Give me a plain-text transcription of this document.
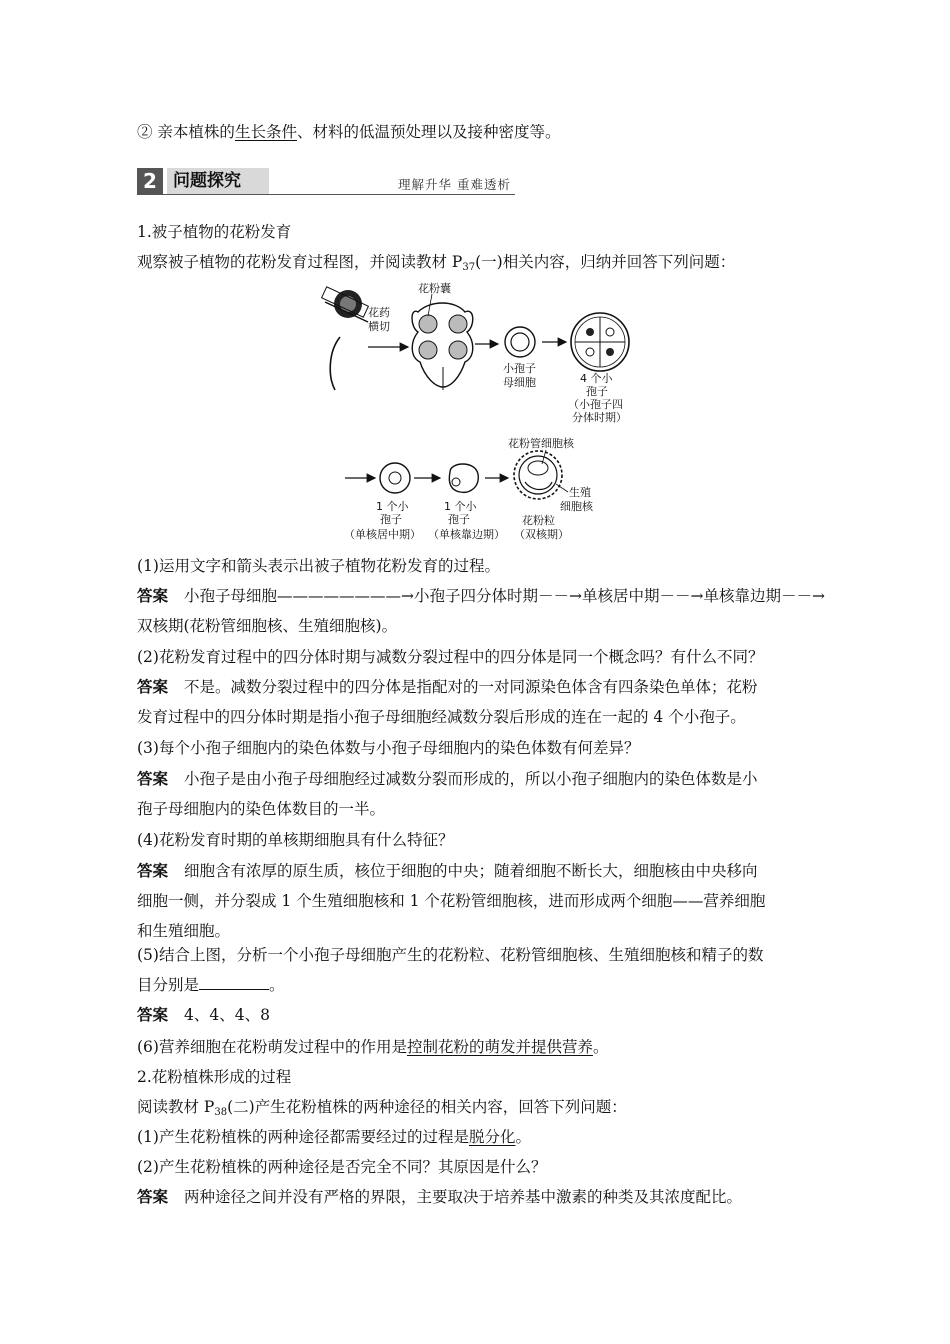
② 亲本植株的生长条件、材料的低温预处理以及接种密度等。
2 问题探究	理解升华 重难透析
1.被子植物的花粉发育
观察被子植物的花粉发育过程图，并阅读教材 $P_{37}$(一)相关内容，归纳并回答下列问题：
花药
横切
花粉囊
小孢子
母细胞	4 个小
孢子
（小孢子四
分体时期）
1 个小
孢子
（单核居中期）
1 个小
孢子
（单核靠边期）
花粉管细胞核
生殖
细胞核
花粉粒
（双核期）
(1)运用文字和箭头表示出被子植物花粉发育的过程。
答案 小孢子母细胞————————→小孢子四分体时期－－→单核居中期－－→单核靠边期－－→
双核期(花粉管细胞核、生殖细胞核)。
(2)花粉发育过程中的四分体时期与减数分裂过程中的四分体是同一个概念吗？有什么不同？
答案 不是。减数分裂过程中的四分体是指配对的一对同源染色体含有四条染色单体；花粉
发育过程中的四分体时期是指小孢子母细胞经减数分裂后形成的连在一起的 4 个小孢子。
(3)每个小孢子细胞内的染色体数与小孢子母细胞内的染色体数有何差异？
答案 小孢子是由小孢子母细胞经过减数分裂而形成的，所以小孢子细胞内的染色体数是小
孢子母细胞内的染色体数目的一半。
(4)花粉发育时期的单核期细胞具有什么特征？
答案 细胞含有浓厚的原生质，核位于细胞的中央；随着细胞不断长大，细胞核由中央移向
细胞一侧，并分裂成 1 个生殖细胞核和 1 个花粉管细胞核，进而形成两个细胞——营养细胞
和生殖细胞。
(5)结合上图，分析一个小孢子母细胞产生的花粉粒、花粉管细胞核、生殖细胞核和精子的数
目分别是	。
答案 4、4、4、8
(6)营养细胞在花粉萌发过程中的作用是控制花粉的萌发并提供营养。
2.花粉植株形成的过程
阅读教材 $P_{38}$(二)产生花粉植株的两种途径的相关内容，回答下列问题：
(1)产生花粉植株的两种途径都需要经过的过程是脱分化。
(2)产生花粉植株的两种途径是否完全不同？其原因是什么？
答案 两种途径之间并没有严格的界限，主要取决于培养基中激素的种类及其浓度配比。
